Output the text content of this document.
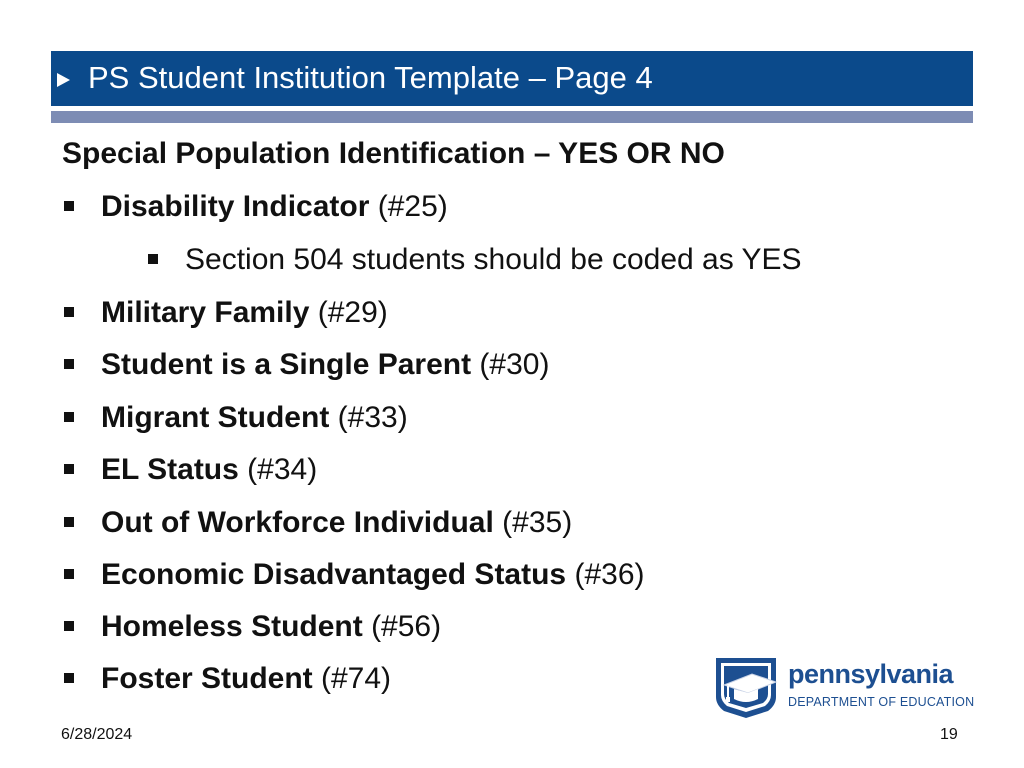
PS Student Institution Template – Page 4
Special Population Identification – YES OR NO
Disability Indicator (#25)
Section 504 students should be coded as YES
Military Family (#29)
Student is a Single Parent (#30)
Migrant Student (#33)
EL Status (#34)
Out of Workforce Individual (#35)
Economic Disadvantaged Status (#36)
Homeless Student (#56)
Foster Student (#74)	pennsylvania
DEPARTMENT OF EDUCATION
6/28/2024	19
